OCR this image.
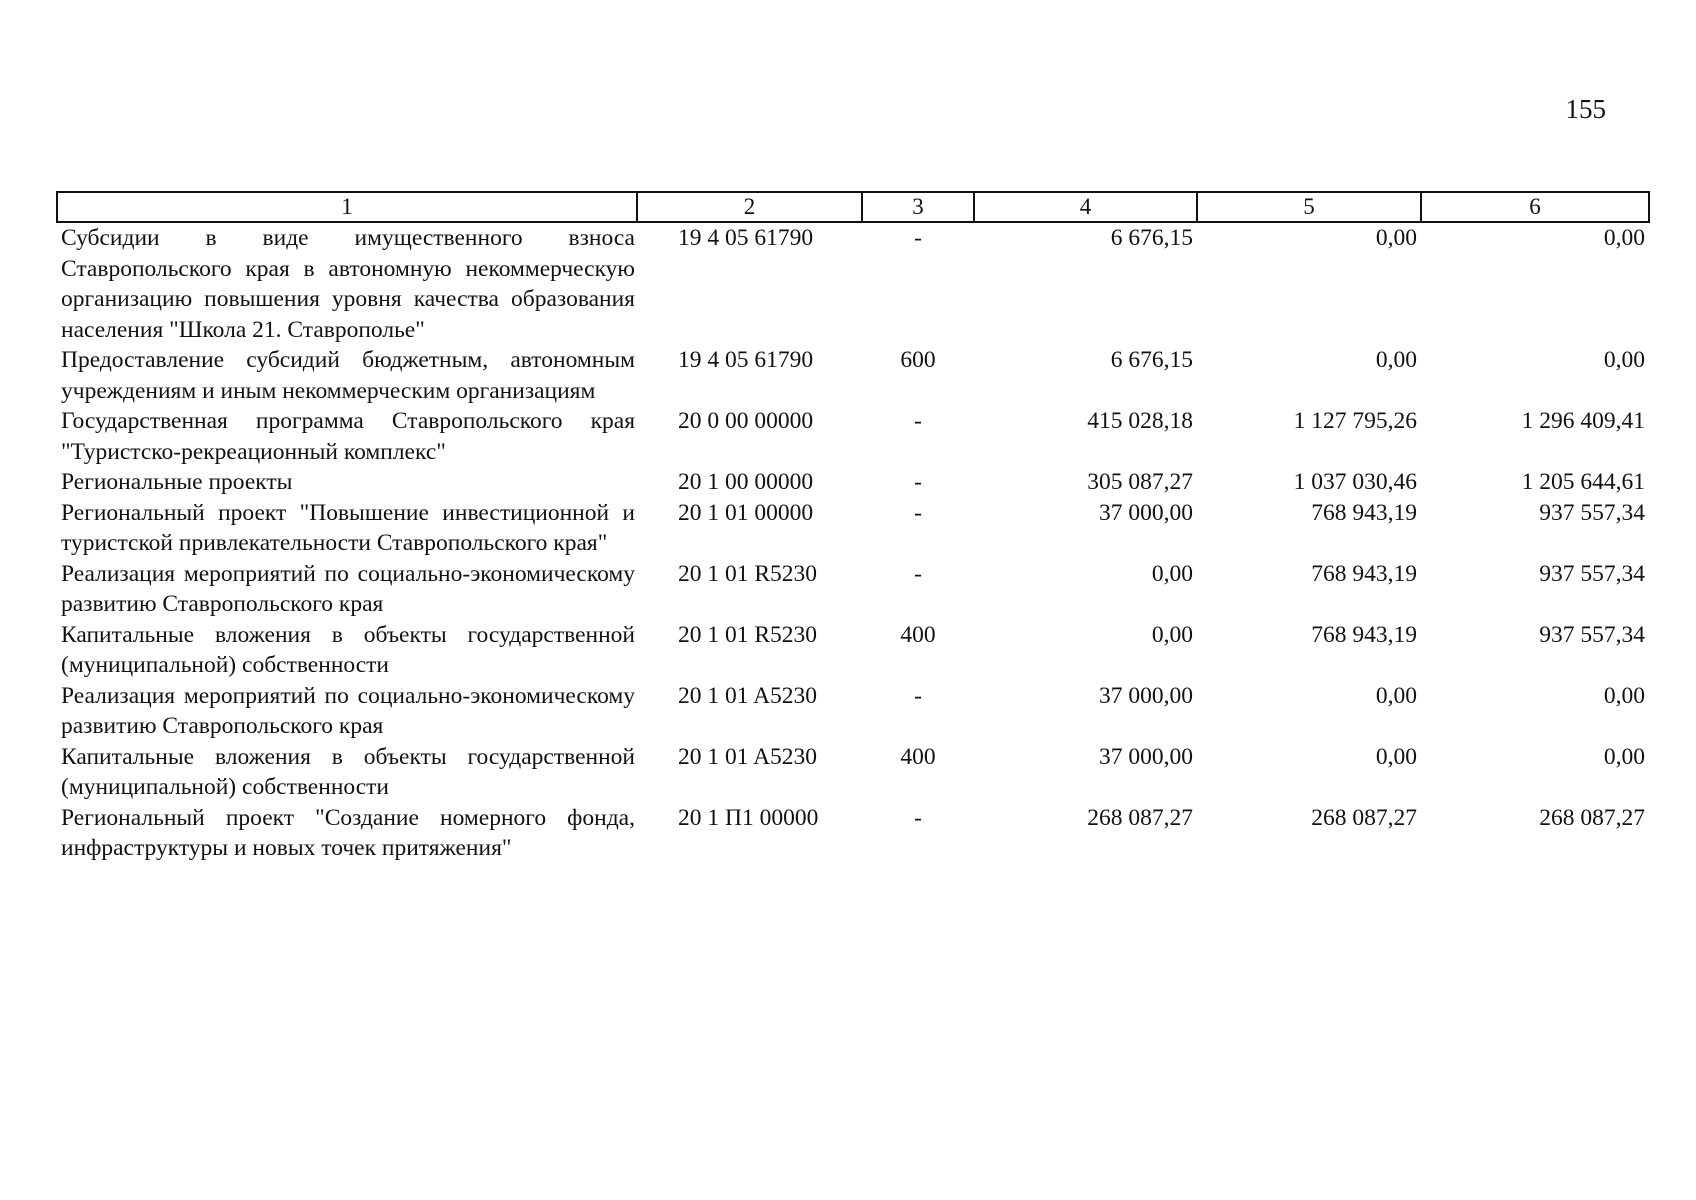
155
1	2	3	4	5	6
Субсидии в виде имущественного взноса Ставропольского края в автономную некоммерческую организацию повышения уровня качества образования населения "Школа 21. Ставрополье"	19 4 05 61790	-	6 676,15	0,00	0,00
Предоставление субсидий бюджетным, автономным учреждениям и иным некоммерческим организациям	19 4 05 61790	600	6 676,15	0,00	0,00
Государственная программа Ставропольского края "Туристско-рекреационный комплекс"	20 0 00 00000	-	415 028,18	1 127 795,26	1 296 409,41
Региональные проекты	20 1 00 00000	-	305 087,27	1 037 030,46	1 205 644,61
Региональный проект "Повышение инвестиционной и туристской привлекательности Ставропольского края"	20 1 01 00000	-	37 000,00	768 943,19	937 557,34
Реализация мероприятий по социально-экономическому развитию Ставропольского края	20 1 01 R5230	-	0,00	768 943,19	937 557,34
Капитальные вложения в объекты государственной (муниципальной) собственности	20 1 01 R5230	400	0,00	768 943,19	937 557,34
Реализация мероприятий по социально-экономическому развитию Ставропольского края	20 1 01 A5230	-	37 000,00	0,00	0,00
Капитальные вложения в объекты государственной (муниципальной) собственности	20 1 01 A5230	400	37 000,00	0,00	0,00
Региональный проект "Создание номерного фонда, инфраструктуры и новых точек притяжения"	20 1 П1 00000	-	268 087,27	268 087,27	268 087,27
